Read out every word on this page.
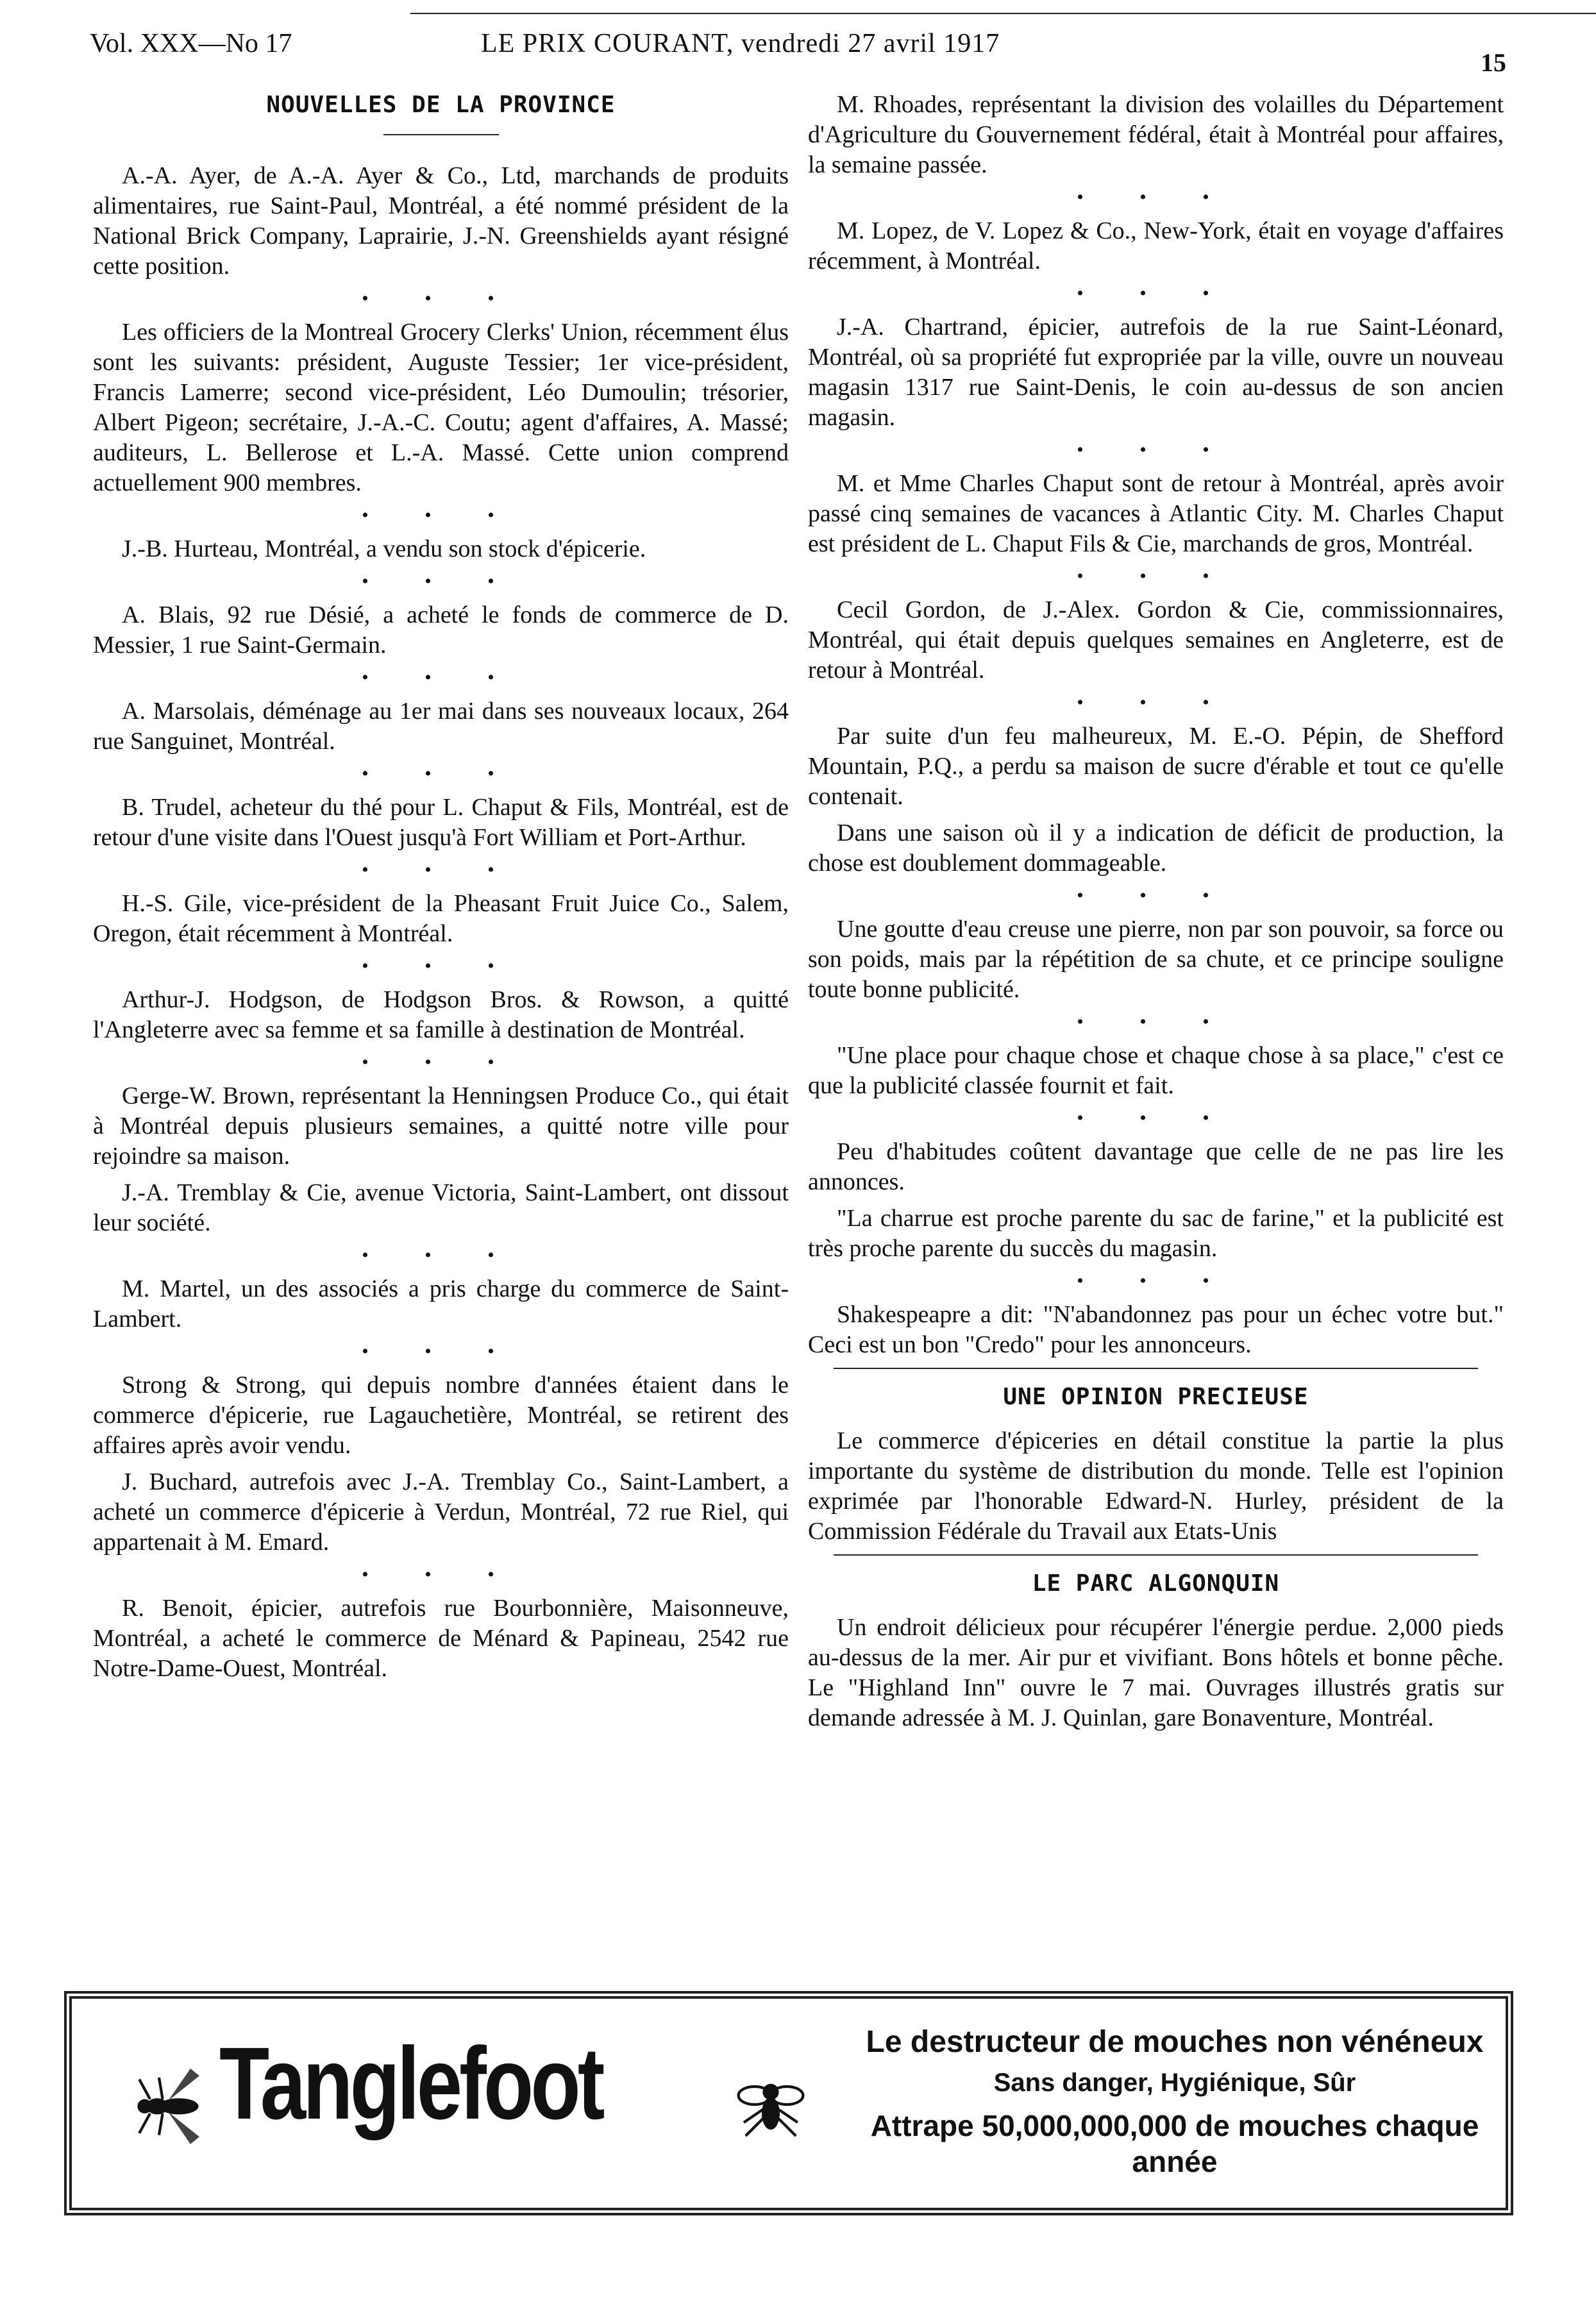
Vol. XXX—No 17	LE PRIX COURANT, vendredi 27 avril 1917
15
NOUVELLES DE LA PROVINCE

A.-A. Ayer, de A.-A. Ayer & Co., Ltd, marchands de produits alimentaires, rue Saint-Paul, Montréal, a été nommé président de la National Brick Company, Laprairie, J.-N. Greenshields ayant résigné cette position.

• • •

Les officiers de la Montreal Grocery Clerks' Union, récemment élus sont les suivants: président, Auguste Tessier; 1er vice-président, Francis Lamerre; second vice-président, Léo Dumoulin; trésorier, Albert Pigeon; secrétaire, J.-A.-C. Coutu; agent d'affaires, A. Massé; auditeurs, L. Bellerose et L.-A. Massé. Cette union comprend actuellement 900 membres.

• • •

J.-B. Hurteau, Montréal, a vendu son stock d'épicerie.

• • •

A. Blais, 92 rue Désié, a acheté le fonds de commerce de D. Messier, 1 rue Saint-Germain.

• • •

A. Marsolais, déménage au 1er mai dans ses nouveaux locaux, 264 rue Sanguinet, Montréal.

• • •

B. Trudel, acheteur du thé pour L. Chaput & Fils, Montréal, est de retour d'une visite dans l'Ouest jusqu'à Fort William et Port-Arthur.

• • •

H.-S. Gile, vice-président de la Pheasant Fruit Juice Co., Salem, Oregon, était récemment à Montréal.

• • •

Arthur-J. Hodgson, de Hodgson Bros. & Rowson, a quitté l'Angleterre avec sa femme et sa famille à destination de Montréal.

• • •

Gerge-W. Brown, représentant la Henningsen Produce Co., qui était à Montréal depuis plusieurs semaines, a quitté notre ville pour rejoindre sa maison.

J.-A. Tremblay & Cie, avenue Victoria, Saint-Lambert, ont dissout leur société.

• • •

M. Martel, un des associés a pris charge du commerce de Saint-Lambert.

• • •

Strong & Strong, qui depuis nombre d'années étaient dans le commerce d'épicerie, rue Lagauchetière, Montréal, se retirent des affaires après avoir vendu.

J. Buchard, autrefois avec J.-A. Tremblay Co., Saint-Lambert, a acheté un commerce d'épicerie à Verdun, Montréal, 72 rue Riel, qui appartenait à M. Emard.

• • •

R. Benoit, épicier, autrefois rue Bourbonnière, Maisonneuve, Montréal, a acheté le commerce de Ménard & Papineau, 2542 rue Notre-Dame-Ouest, Montréal.

M. Rhoades, représentant la division des volailles du Département d'Agriculture du Gouvernement fédéral, était à Montréal pour affaires, la semaine passée.

• • •

M. Lopez, de V. Lopez & Co., New-York, était en voyage d'affaires récemment, à Montréal.

• • •

J.-A. Chartrand, épicier, autrefois de la rue Saint-Léonard, Montréal, où sa propriété fut expropriée par la ville, ouvre un nouveau magasin 1317 rue Saint-Denis, le coin au-dessus de son ancien magasin.

• • •

M. et Mme Charles Chaput sont de retour à Montréal, après avoir passé cinq semaines de vacances à Atlantic City. M. Charles Chaput est président de L. Chaput Fils & Cie, marchands de gros, Montréal.

• • •

Cecil Gordon, de J.-Alex. Gordon & Cie, commissionnaires, Montréal, qui était depuis quelques semaines en Angleterre, est de retour à Montréal.

• • •

Par suite d'un feu malheureux, M. E.-O. Pépin, de Shefford Mountain, P.Q., a perdu sa maison de sucre d'érable et tout ce qu'elle contenait.

Dans une saison où il y a indication de déficit de production, la chose est doublement dommageable.

• • •

Une goutte d'eau creuse une pierre, non par son pouvoir, sa force ou son poids, mais par la répétition de sa chute, et ce principe souligne toute bonne publicité.

• • •

"Une place pour chaque chose et chaque chose à sa place," c'est ce que la publicité classée fournit et fait.

• • •

Peu d'habitudes coûtent davantage que celle de ne pas lire les annonces.

"La charrue est proche parente du sac de farine," et la publicité est très proche parente du succès du magasin.

• • •

Shakespeapre a dit: "N'abandonnez pas pour un échec votre but." Ceci est un bon "Credo" pour les annonceurs.

UNE OPINION PRECIEUSE

Le commerce d'épiceries en détail constitue la partie la plus importante du système de distribution du monde. Telle est l'opinion exprimée par l'honorable Edward-N. Hurley, président de la Commission Fédérale du Travail aux Etats-Unis

LE PARC ALGONQUIN

Un endroit délicieux pour récupérer l'énergie perdue. 2,000 pieds au-dessus de la mer. Air pur et vivifiant. Bons hôtels et bonne pêche. Le "Highland Inn" ouvre le 7 mai. Ouvrages illustrés gratis sur demande adressée à M. J. Quinlan, gare Bonaventure, Montréal.

Tanglefoot	Le destructeur de mouches non vénéneux
Sans danger, Hygiénique, Sûr
Attrape 50,000,000,000 de mouches chaque année
